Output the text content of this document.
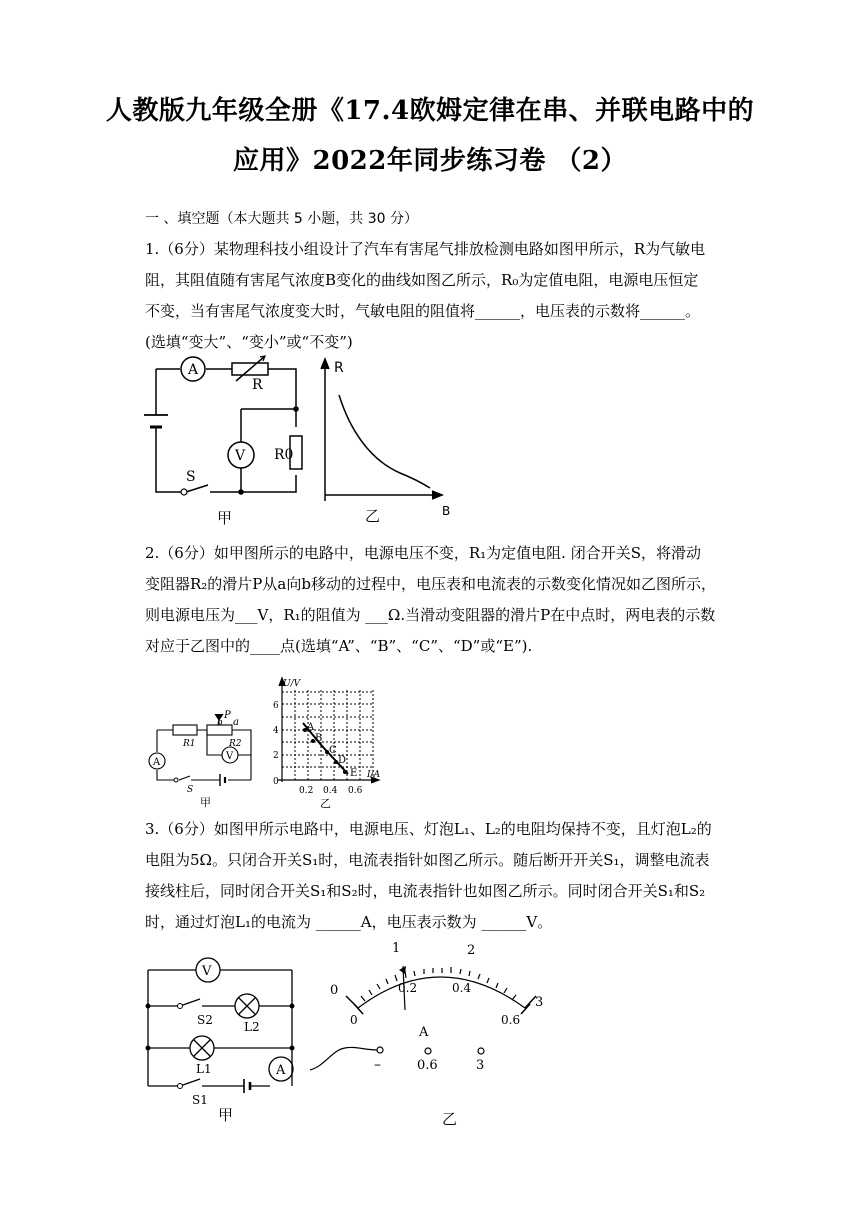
人教版九年级全册《17.4欧姆定律在串、并联电路中的
应用》2022年同步练习卷 （2）
一 、填空题（本大题共 5 小题，共 30 分）
1.（6分）某物理科技小组设计了汽车有害尾气排放检测电路如图甲所示，R为气敏电
阻，其阻值随有害尾气浓度B变化的曲线如图乙所示，R₀为定值电阻，电源电压恒定
不变，当有害尾气浓度变大时，气敏电阻的阻值将______，电压表的示数将______。
(选填“变大”、“变小”或“不变”)
A
R
V R0
S
R
B
甲	乙
2.（6分）如甲图所示的电路中，电源电压不变，R₁为定值电阻. 闭合开关S，将滑动
变阻器R₂的滑片P从a向b移动的过程中，电压表和电流表的示数变化情况如乙图所示，
则电源电压为___V，R₁的阻值为 ___Ω.当滑动变阻器的滑片P在中点时，两电表的示数
对应于乙图中的____点(选填“A”、“B”、“C”、“D”或“E”).
R1	R2
b
P
a
A
V
S
甲
U/V
I/A
6
4
2
0
0.2 0.4 0.6
A
B
C
D
E
乙
3.（6分）如图甲所示电路中，电源电压、灯泡L₁、L₂的电阻均保持不变，且灯泡L₂的
电阻为5Ω。只闭合开关S₁时，电流表指针如图乙所示。随后断开开关S₁，调整电流表
接线柱后，同时闭合开关S₁和S₂时，电流表指针也如图乙所示。同时闭合开关S₁和S₂
时，通过灯泡L₁的电流为 ______A，电压表示数为 ______V。
V
S2	L2
L1
S1
A
甲
0
1	2
3
0
0.2	0.4
0.6
A
–	0.6	3
乙
